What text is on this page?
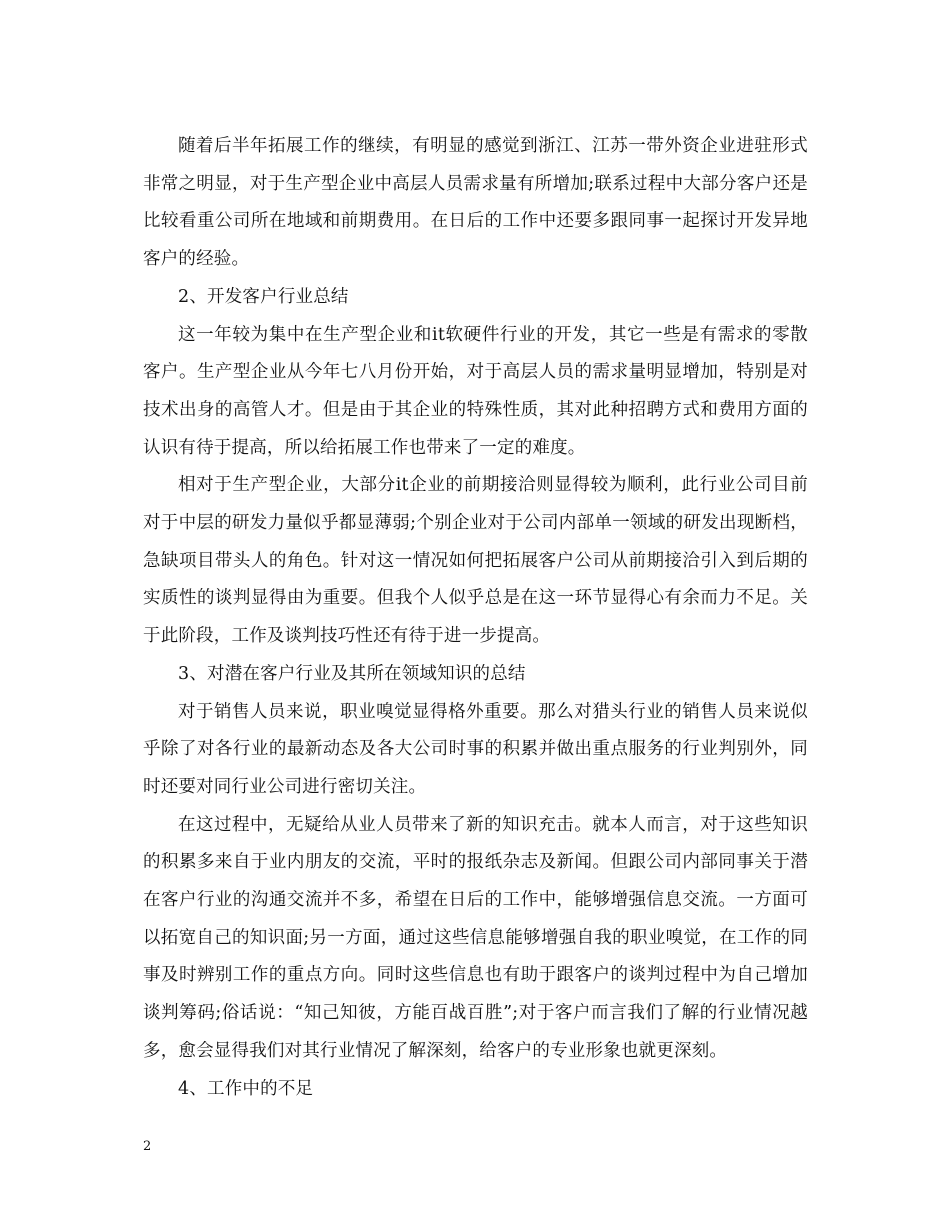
随着后半年拓展工作的继续，有明显的感觉到浙江、江苏一带外资企业进驻形式非常之明显，对于生产型企业中高层人员需求量有所增加;联系过程中大部分客户还是比较看重公司所在地域和前期费用。在日后的工作中还要多跟同事一起探讨开发异地客户的经验。

2、开发客户行业总结

这一年较为集中在生产型企业和it软硬件行业的开发，其它一些是有需求的零散客户。生产型企业从今年七八月份开始，对于高层人员的需求量明显增加，特别是对技术出身的高管人才。但是由于其企业的特殊性质，其对此种招聘方式和费用方面的认识有待于提高，所以给拓展工作也带来了一定的难度。

相对于生产型企业，大部分it企业的前期接洽则显得较为顺利，此行业公司目前对于中层的研发力量似乎都显薄弱;个别企业对于公司内部单一领域的研发出现断档，急缺项目带头人的角色。针对这一情况如何把拓展客户公司从前期接洽引入到后期的实质性的谈判显得由为重要。但我个人似乎总是在这一环节显得心有余而力不足。关于此阶段，工作及谈判技巧性还有待于进一步提高。

3、对潜在客户行业及其所在领域知识的总结

对于销售人员来说，职业嗅觉显得格外重要。那么对猎头行业的销售人员来说似乎除了对各行业的最新动态及各大公司时事的积累并做出重点服务的行业判别外，同时还要对同行业公司进行密切关注。

在这过程中，无疑给从业人员带来了新的知识充击。就本人而言，对于这些知识的积累多来自于业内朋友的交流，平时的报纸杂志及新闻。但跟公司内部同事关于潜在客户行业的沟通交流并不多，希望在日后的工作中，能够增强信息交流。一方面可以拓宽自己的知识面;另一方面，通过这些信息能够增强自我的职业嗅觉，在工作的同事及时辨别工作的重点方向。同时这些信息也有助于跟客户的谈判过程中为自己增加谈判筹码;俗话说：“知己知彼，方能百战百胜”;对于客户而言我们了解的行业情况越多，愈会显得我们对其行业情况了解深刻，给客户的专业形象也就更深刻。

4、工作中的不足

2
